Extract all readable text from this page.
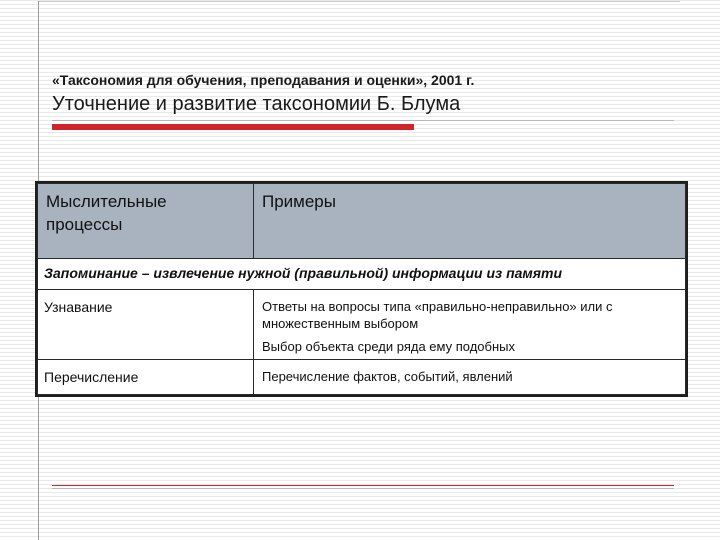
«Таксономия для обучения, преподавания и оценки», 2001 г.
Уточнение и развитие таксономии Б. Блума
Мыслительные процессы	Примеры

Запоминание – извлечение нужной (правильной) информации из памяти	

Узнавание	Ответы на вопросы типа «правильно-неправильно» или с множественным выбором

Выбор объекта среди ряда ему подобных

Перечисление	Перечисление фактов, событий, явлений
